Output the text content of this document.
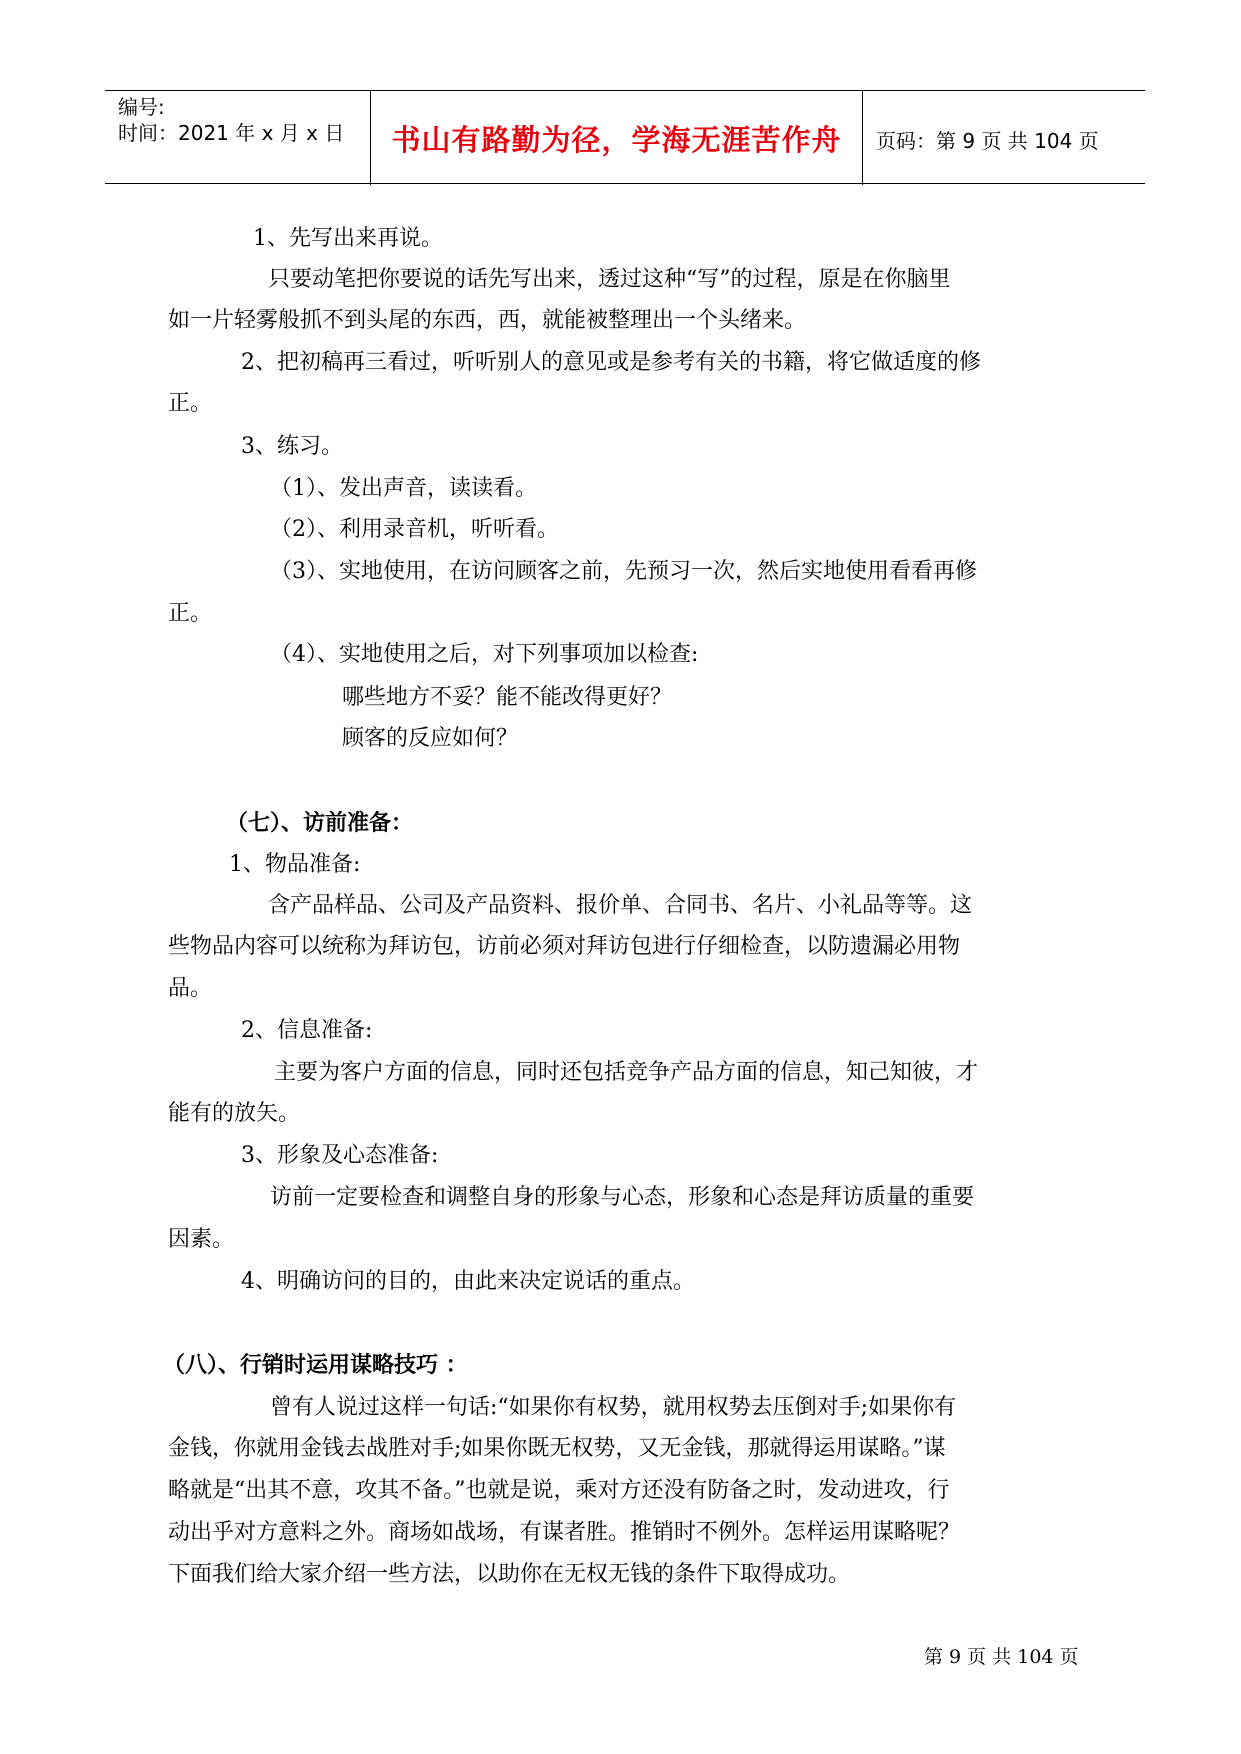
编号:
时间：2021 年 x 月 x 日	书山有路勤为径，学海无涯苦作舟	页码：第 9 页 共 104 页
1、先写出来再说。
只要动笔把你要说的话先写出来，透过这种“写”的过程，原是在你脑里
如一片轻雾般抓不到头尾的东西，西，就能被整理出一个头绪来。
2、把初稿再三看过，听听别人的意见或是参考有关的书籍，将它做适度的修
正。
3、练习。
（1）、发出声音，读读看。
（2）、利用录音机，听听看。
（3）、实地使用，在访问顾客之前，先预习一次，然后实地使用看看再修
正。
（4）、实地使用之后，对下列事项加以检查:
哪些地方不妥？能不能改得更好？
顾客的反应如何？
（七）、访前准备：
1、物品准备:
含产品样品、公司及产品资料、报价单、合同书、名片、小礼品等等。这
些物品内容可以统称为拜访包，访前必须对拜访包进行仔细检查，以防遗漏必用物
品。
2、信息准备:
主要为客户方面的信息，同时还包括竞争产品方面的信息，知己知彼，才
能有的放矢。
3、形象及心态准备:
访前一定要检查和调整自身的形象与心态，形象和心态是拜访质量的重要
因素。
4、明确访问的目的，由此来决定说话的重点。
（八）、行销时运用谋略技巧 ：
曾有人说过这样一句话:“如果你有权势，就用权势去压倒对手;如果你有
金钱，你就用金钱去战胜对手;如果你既无权势，又无金钱，那就得运用谋略。”谋
略就是“出其不意，攻其不备。”也就是说，乘对方还没有防备之时，发动进攻，行
动出乎对方意料之外。商场如战场，有谋者胜。推销时不例外。怎样运用谋略呢？
下面我们给大家介绍一些方法，以助你在无权无钱的条件下取得成功。
第 9 页 共 104 页
